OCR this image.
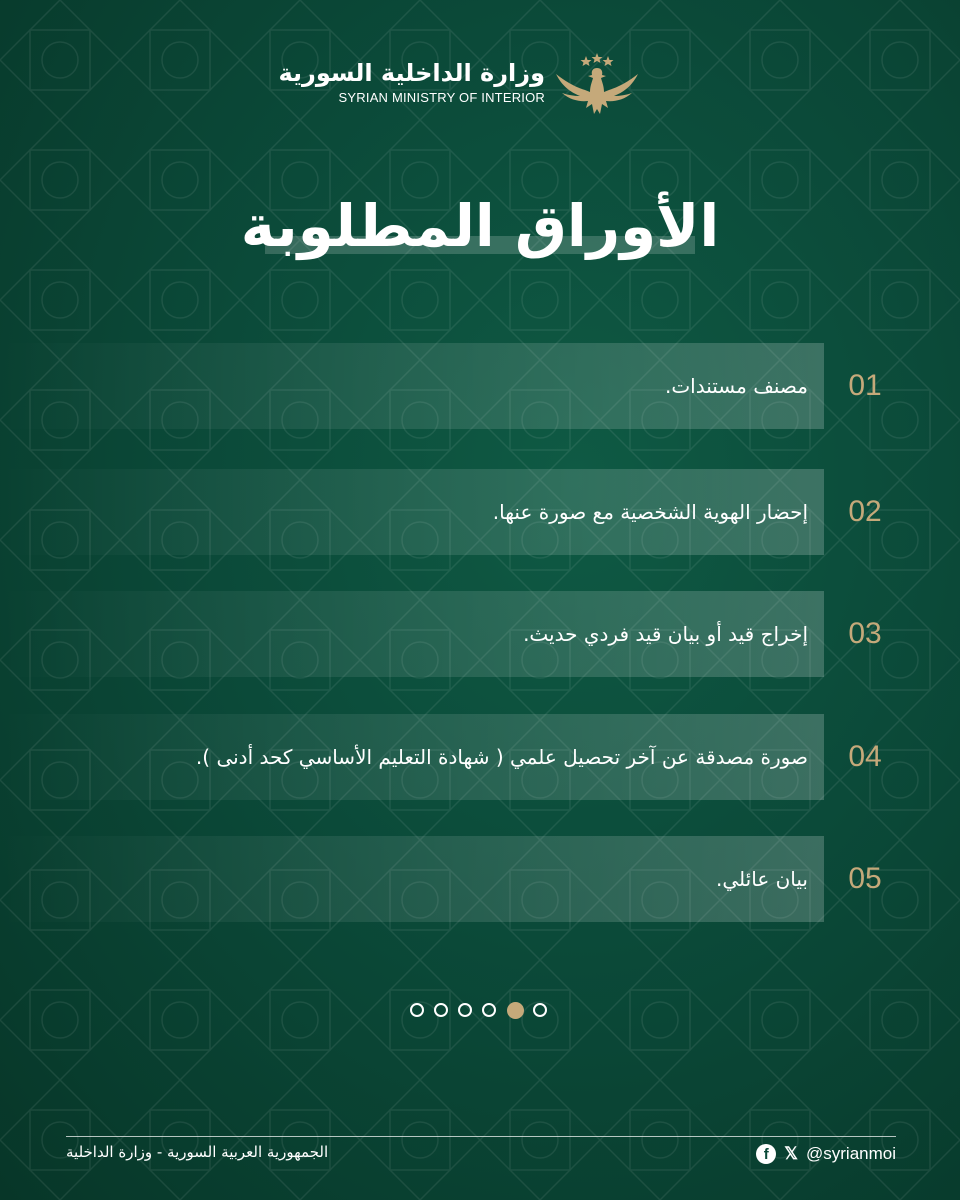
وزارة الداخلية السورية
SYRIAN MINISTRY OF INTERIOR
الأوراق المطلوبة
مصنف مستندات.	01
إحضار الهوية الشخصية مع صورة عنها.	02
إخراج قيد أو بيان قيد فردي حديث.	03
صورة مصدقة عن آخر تحصيل علمي ( شهادة التعليم الأساسي كحد أدنى ).	04
بيان عائلي.	05
الجمهورية العربية السورية - وزارة الداخلية	f 𝕏 @syrianmoi
